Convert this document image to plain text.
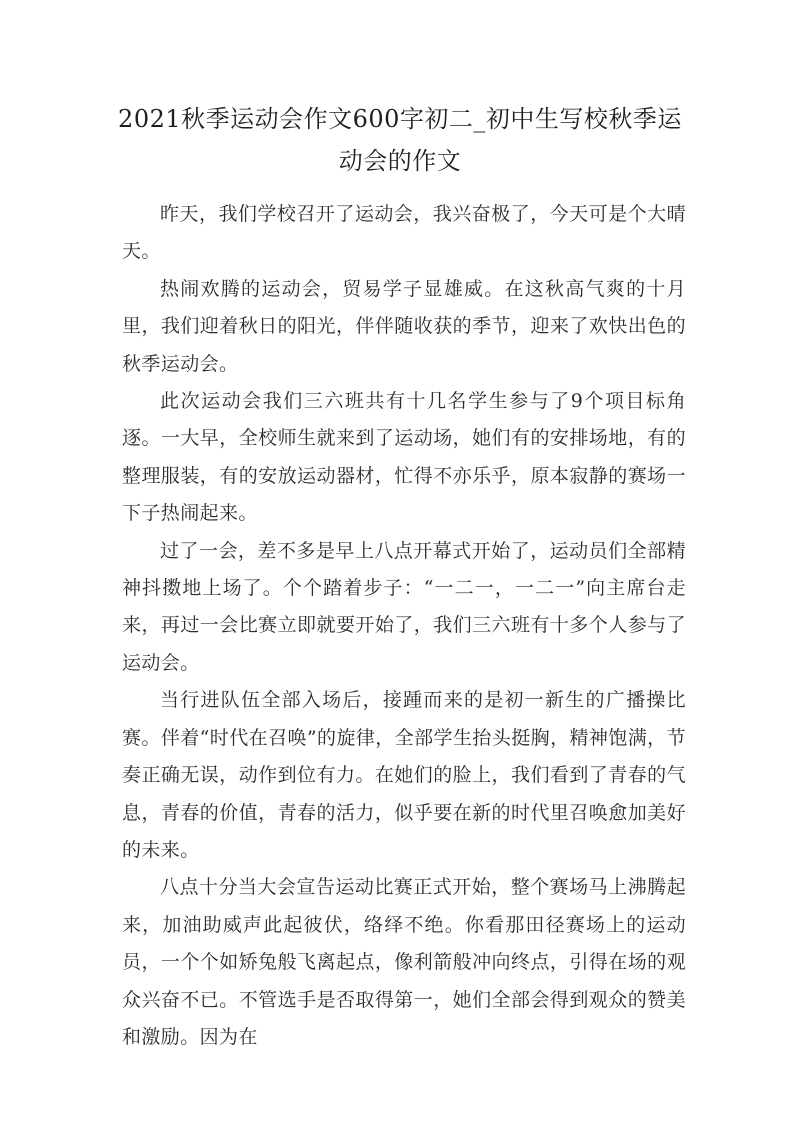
2021秋季运动会作文600字初二_初中生写校秋季运动会的作文

昨天，我们学校召开了运动会，我兴奋极了，今天可是个大晴天。

热闹欢腾的运动会，贸易学子显雄威。在这秋高气爽的十月里，我们迎着秋日的阳光，伴伴随收获的季节，迎来了欢快出色的秋季运动会。

此次运动会我们三六班共有十几名学生参与了9个项目标角逐。一大早，全校师生就来到了运动场，她们有的安排场地，有的整理服装，有的安放运动器材，忙得不亦乐乎，原本寂静的赛场一下子热闹起来。

过了一会，差不多是早上八点开幕式开始了，运动员们全部精神抖擞地上场了。个个踏着步子：“一二一，一二一”向主席台走来，再过一会比赛立即就要开始了，我们三六班有十多个人参与了运动会。

当行进队伍全部入场后，接踵而来的是初一新生的广播操比赛。伴着“时代在召唤”的旋律，全部学生抬头挺胸，精神饱满，节奏正确无误，动作到位有力。在她们的脸上，我们看到了青春的气息，青春的价值，青春的活力，似乎要在新的时代里召唤愈加美好的未来。

八点十分当大会宣告运动比赛正式开始，整个赛场马上沸腾起来，加油助威声此起彼伏，络绎不绝。你看那田径赛场上的运动员，一个个如矫兔般飞离起点，像利箭般冲向终点，引得在场的观众兴奋不已。不管选手是否取得第一，她们全部会得到观众的赞美和激励。因为在
